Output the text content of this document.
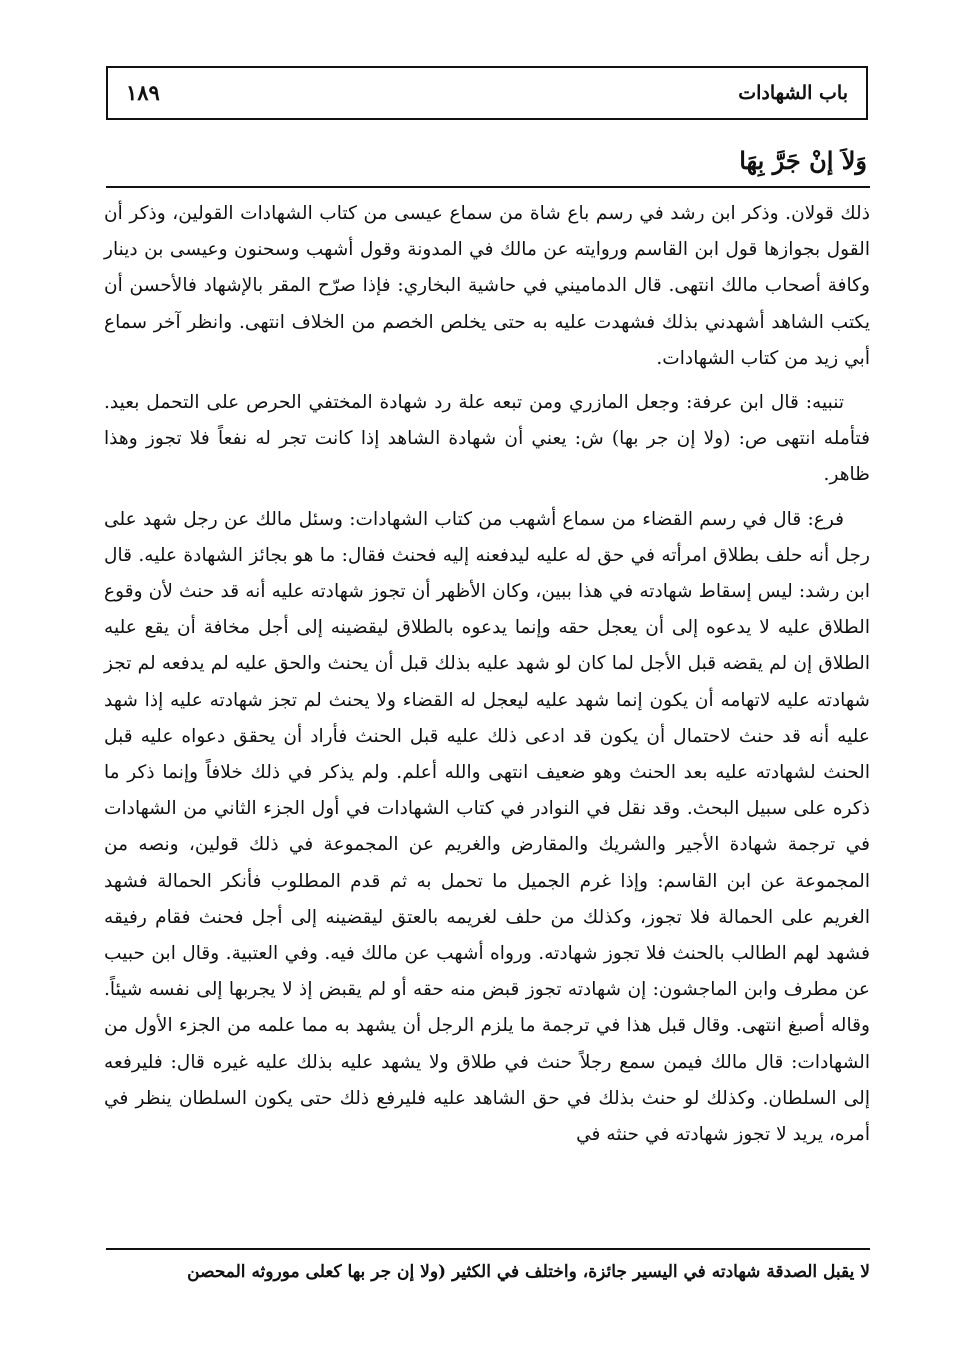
باب الشهادات
١٨٩
وَلاَ إنْ جَرَّ بِهَا

ذلك قولان. وذكر ابن رشد في رسم باع شاة من سماع عيسى من كتاب الشهادات القولين، وذكر أن القول بجوازها قول ابن القاسم وروايته عن مالك في المدونة وقول أشهب وسحنون وعيسى بن دينار وكافة أصحاب مالك انتهى. قال الدماميني في حاشية البخاري: فإذا صرّح المقر بالإشهاد فالأحسن أن يكتب الشاهد أشهدني بذلك فشهدت عليه به حتى يخلص الخصم من الخلاف انتهى. وانظر آخر سماع أبي زيد من كتاب الشهادات.

تنبيه: قال ابن عرفة: وجعل المازري ومن تبعه علة رد شهادة المختفي الحرص على التحمل بعيد. فتأمله انتهى ص: (ولا إن جر بها) ش: يعني أن شهادة الشاهد إذا كانت تجر له نفعاً فلا تجوز وهذا ظاهر.

فرع: قال في رسم القضاء من سماع أشهب من كتاب الشهادات: وسئل مالك عن رجل شهد على رجل أنه حلف بطلاق امرأته في حق له عليه ليدفعنه إليه فحنث فقال: ما هو بجائز الشهادة عليه. قال ابن رشد: ليس إسقاط شهادته في هذا ببين، وكان الأظهر أن تجوز شهادته عليه أنه قد حنث لأن وقوع الطلاق عليه لا يدعوه إلى أن يعجل حقه وإنما يدعوه بالطلاق ليقضينه إلى أجل مخافة أن يقع عليه الطلاق إن لم يقضه قبل الأجل لما كان لو شهد عليه بذلك قبل أن يحنث والحق عليه لم يدفعه لم تجز شهادته عليه لاتهامه أن يكون إنما شهد عليه ليعجل له القضاء ولا يحنث لم تجز شهادته عليه إذا شهد عليه أنه قد حنث لاحتمال أن يكون قد ادعى ذلك عليه قبل الحنث فأراد أن يحقق دعواه عليه قبل الحنث لشهادته عليه بعد الحنث وهو ضعيف انتهى والله أعلم. ولم يذكر في ذلك خلافاً وإنما ذكر ما ذكره على سبيل البحث. وقد نقل في النوادر في كتاب الشهادات في أول الجزء الثاني من الشهادات في ترجمة شهادة الأجير والشريك والمقارض والغريم عن المجموعة في ذلك قولين، ونصه من المجموعة عن ابن القاسم: وإذا غرم الجميل ما تحمل به ثم قدم المطلوب فأنكر الحمالة فشهد الغريم على الحمالة فلا تجوز، وكذلك من حلف لغريمه بالعتق ليقضينه إلى أجل فحنث فقام رفيقه فشهد لهم الطالب بالحنث فلا تجوز شهادته. ورواه أشهب عن مالك فيه. وفي العتبية. وقال ابن حبيب عن مطرف وابن الماجشون: إن شهادته تجوز قبض منه حقه أو لم يقبض إذ لا يجربها إلى نفسه شيئاً. وقاله أصبغ انتهى. وقال قبل هذا في ترجمة ما يلزم الرجل أن يشهد به مما علمه من الجزء الأول من الشهادات: قال مالك فيمن سمع رجلاً حنث في طلاق ولا يشهد عليه بذلك عليه غيره قال: فليرفعه إلى السلطان. وكذلك لو حنث بذلك في حق الشاهد عليه فليرفع ذلك حتى يكون السلطان ينظر في أمره، يريد لا تجوز شهادته في حنثه في

لا يقبل الصدقة شهادته في اليسير جائزة، واختلف في الكثير (ولا إن جر بها كعلى موروثه المحصن
